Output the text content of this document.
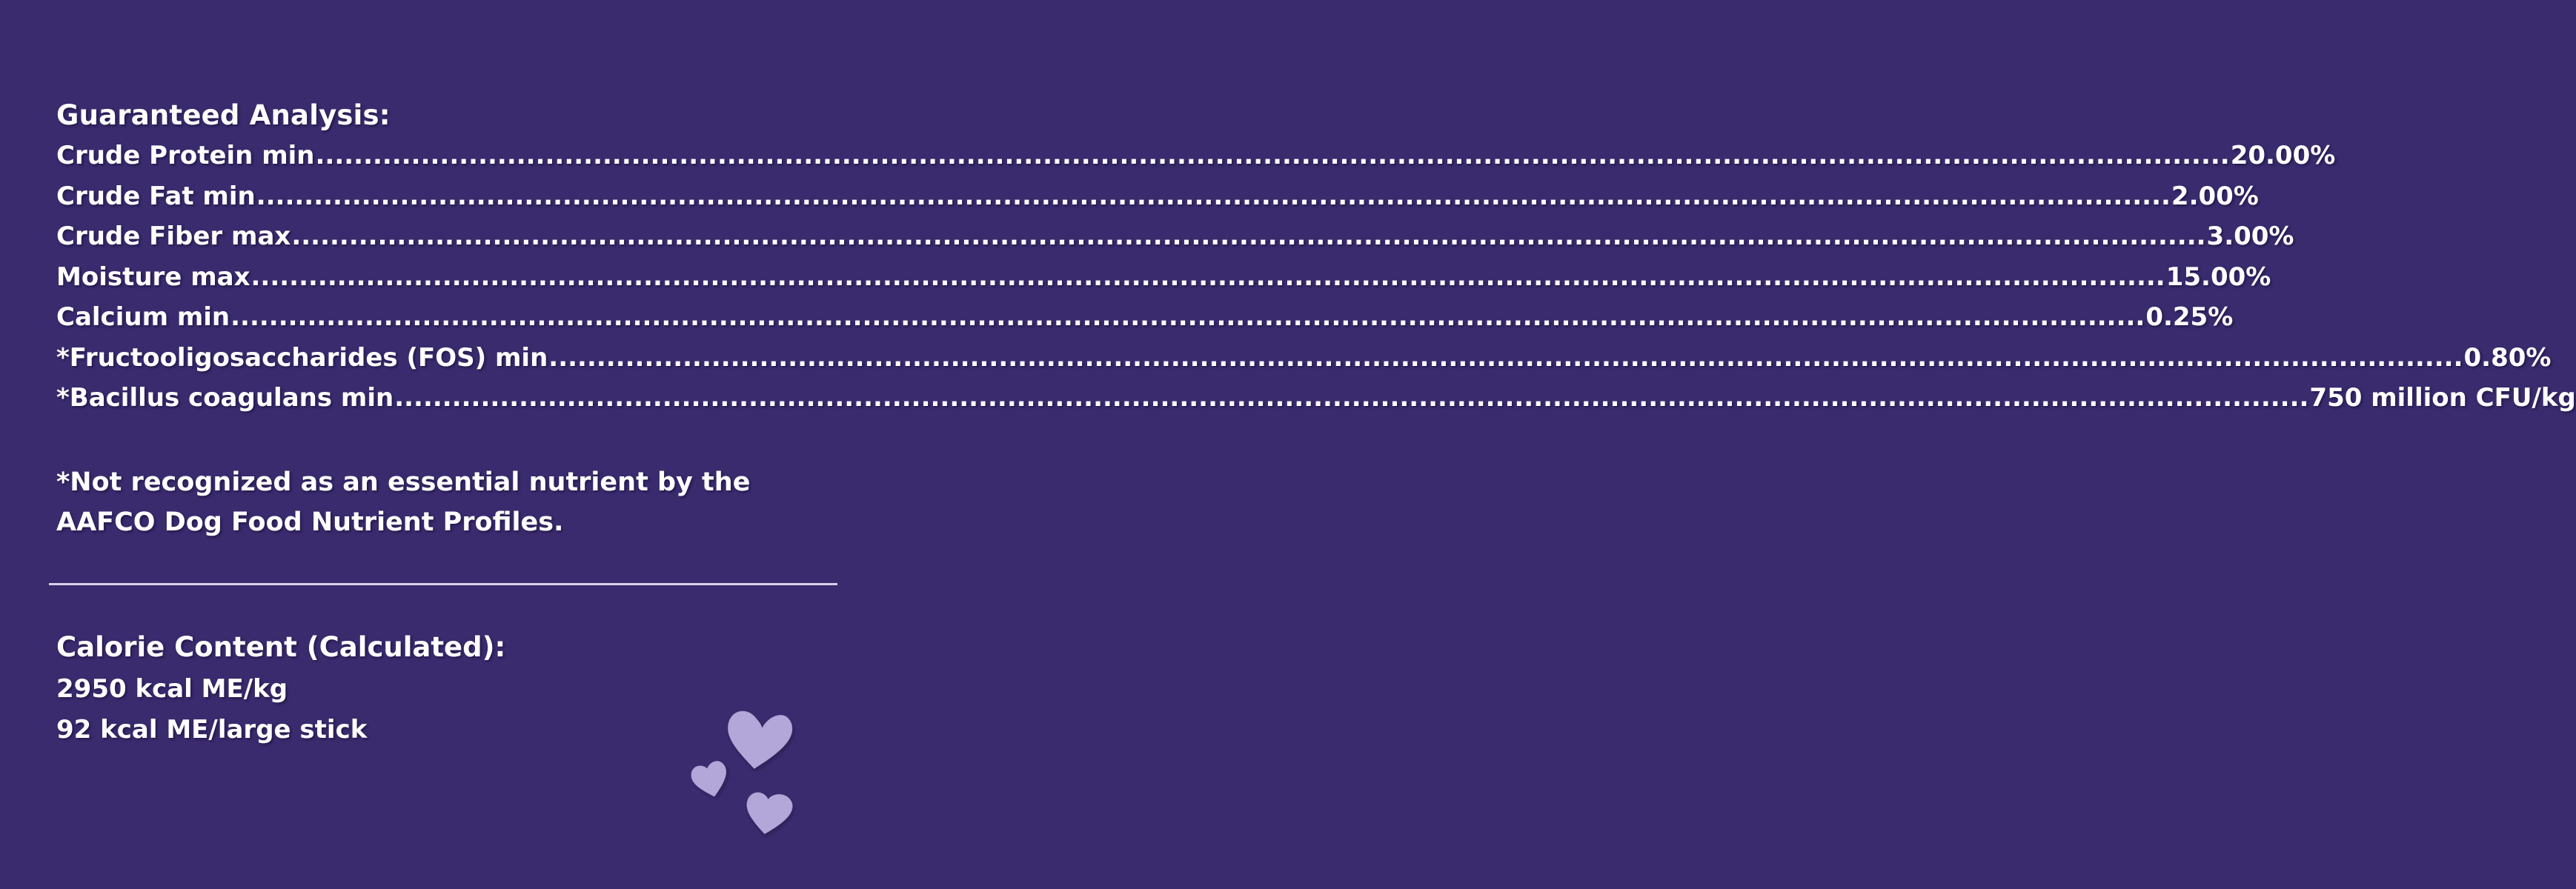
Guaranteed Analysis:
Crude Protein min ........................................................................................................................................................................................................ 20.00%
Crude Fat min ........................................................................................................................................................................................................ 2.00%
Crude Fiber max ........................................................................................................................................................................................................ 3.00%
Moisture max ........................................................................................................................................................................................................ 15.00%
Calcium min ........................................................................................................................................................................................................ 0.25%
*Fructooligosaccharides (FOS) min ........................................................................................................................................................................................................ 0.80%
*Bacillus coagulans min ........................................................................................................................................................................................................ 750 million CFU/kg
*Not recognized as an essential nutrient by the AAFCO Dog Food Nutrient Profiles.
Calorie Content (Calculated):
2950 kcal ME/kg
92 kcal ME/large stick
